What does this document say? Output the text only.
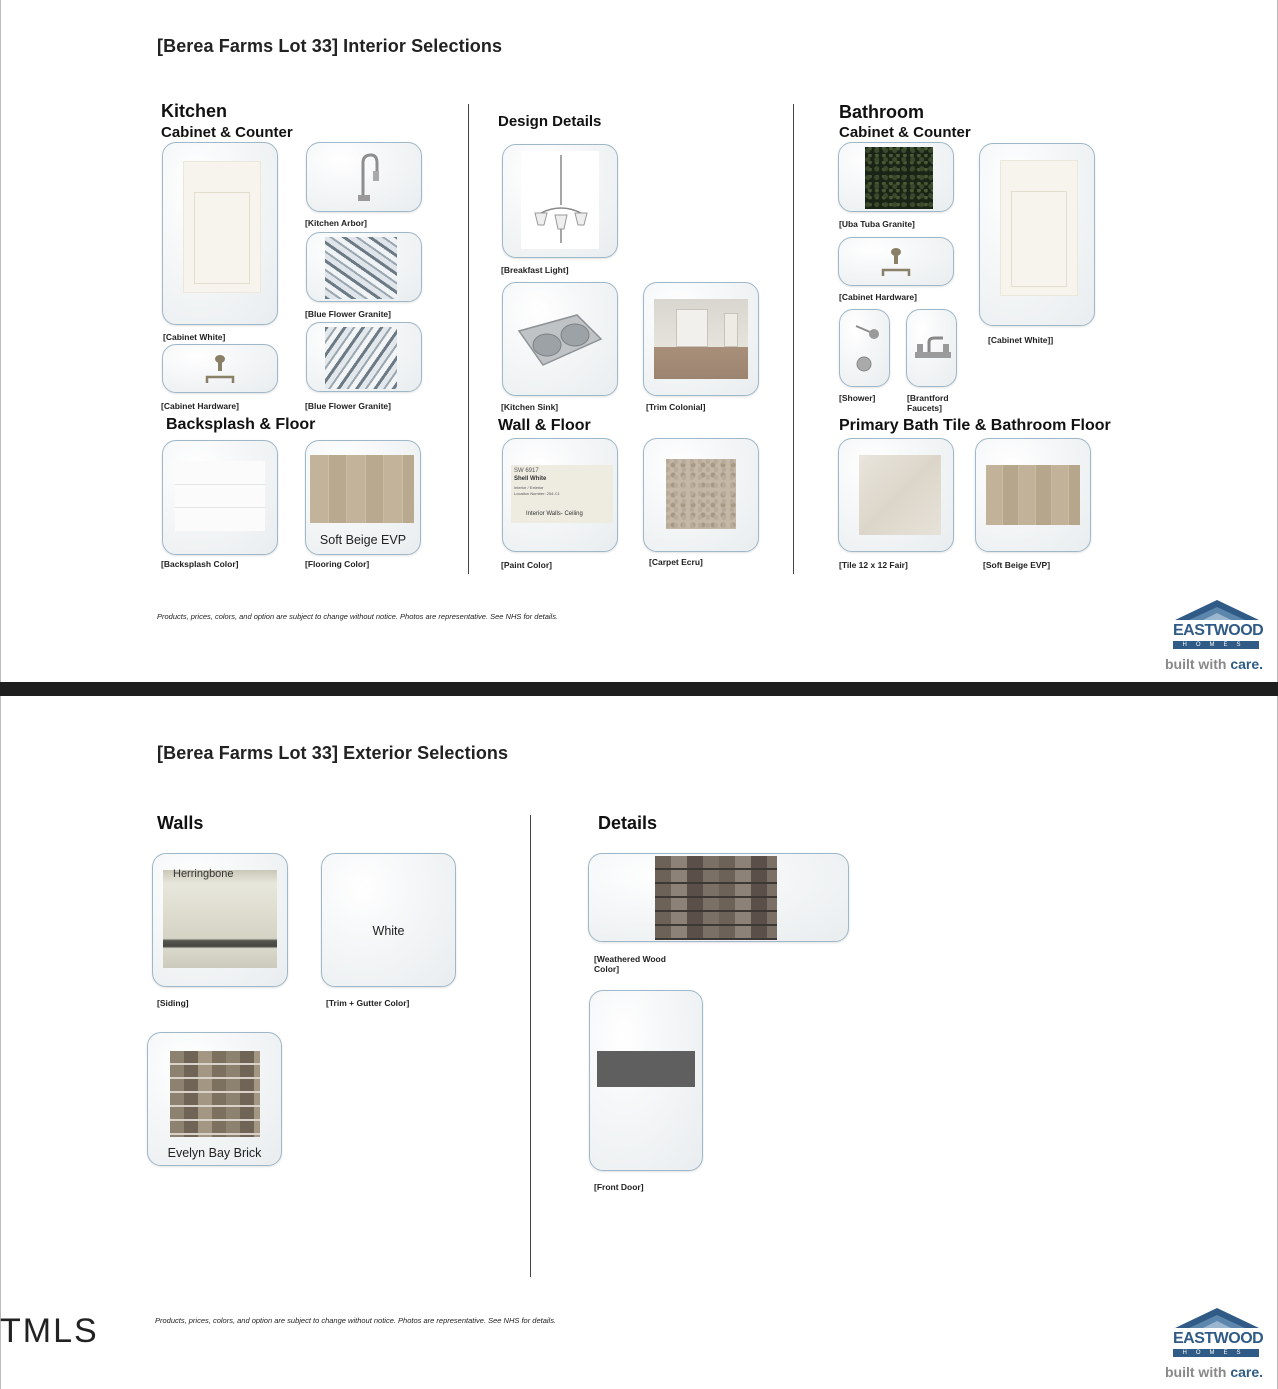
[Berea Farms Lot 33] Interior Selections
Kitchen
Cabinet & Counter
[Cabinet White]
[Kitchen Arbor]
[Blue Flower Granite]
[Blue Flower Granite]
[Cabinet Hardware]
Backsplash & Floor
[Backsplash Color]
Soft Beige EVP
[Flooring Color]
Design Details
[Breakfast Light]
[Kitchen Sink]	[Trim Colonial]
Wall & Floor
SW 6917
Shell White
Interior / Exterior
Location Number: 254-C1
Interior Walls- Ceiling
[Paint Color]	[Carpet Ecru]
Bathroom
Cabinet & Counter
[Uba Tuba Granite]
[Cabinet Hardware]
[Cabinet White]]
[Shower]	[Brantford
Faucets]
Primary Bath Tile & Bathroom Floor
[Tile 12 x 12 Fair]	[Soft Beige EVP]
Products, prices, colors, and option are subject to change without notice. Photos are representative. See NHS for details.
EASTWOOD
HOMES
built with care.
[Berea Farms Lot 33] Exterior Selections
Walls
Herringbone
[Siding]
White
[Trim + Gutter Color]
Evelyn Bay Brick
Details
[Weathered Wood
Color]
[Front Door]
Products, prices, colors, and option are subject to change without notice. Photos are representative. See NHS for details.
EASTWOOD
HOMES
built with care.
TMLS
